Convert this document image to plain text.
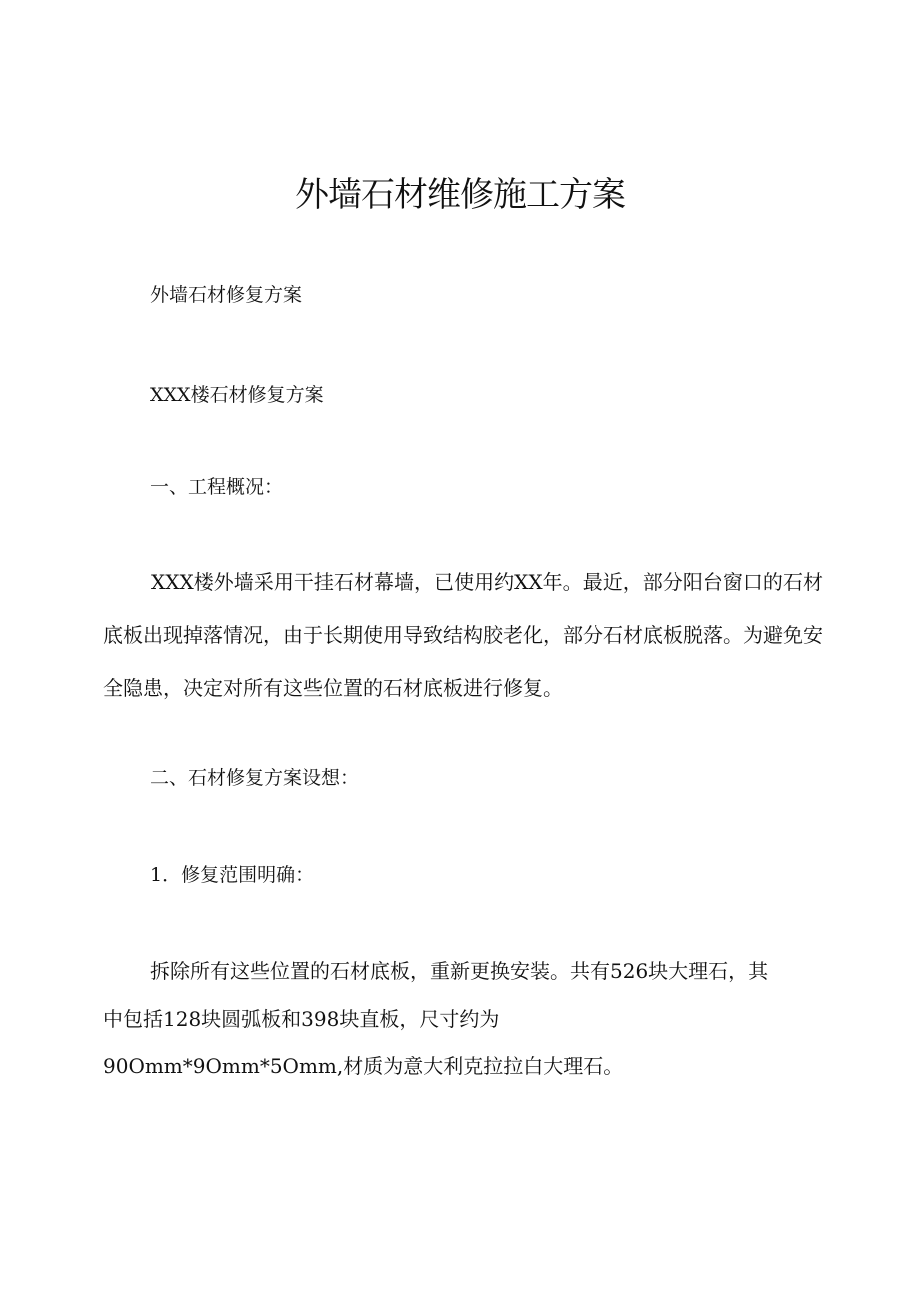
外墙石材维修施工方案

外墙石材修复方案

XXX楼石材修复方案

一、工程概况：

XXX楼外墙采用干挂石材幕墙，已使用约XX年。最近，部分阳台窗口的石材底板出现掉落情况，由于长期使用导致结构胶老化，部分石材底板脱落。为避免安全隐患，决定对所有这些位置的石材底板进行修复。

二、石材修复方案设想：

1．修复范围明确：

拆除所有这些位置的石材底板，重新更换安装。共有526块大理石，其

中包括128块圆弧板和398块直板，尺寸约为

90Omm*9Omm*5Omm,材质为意大利克拉拉白大理石。
